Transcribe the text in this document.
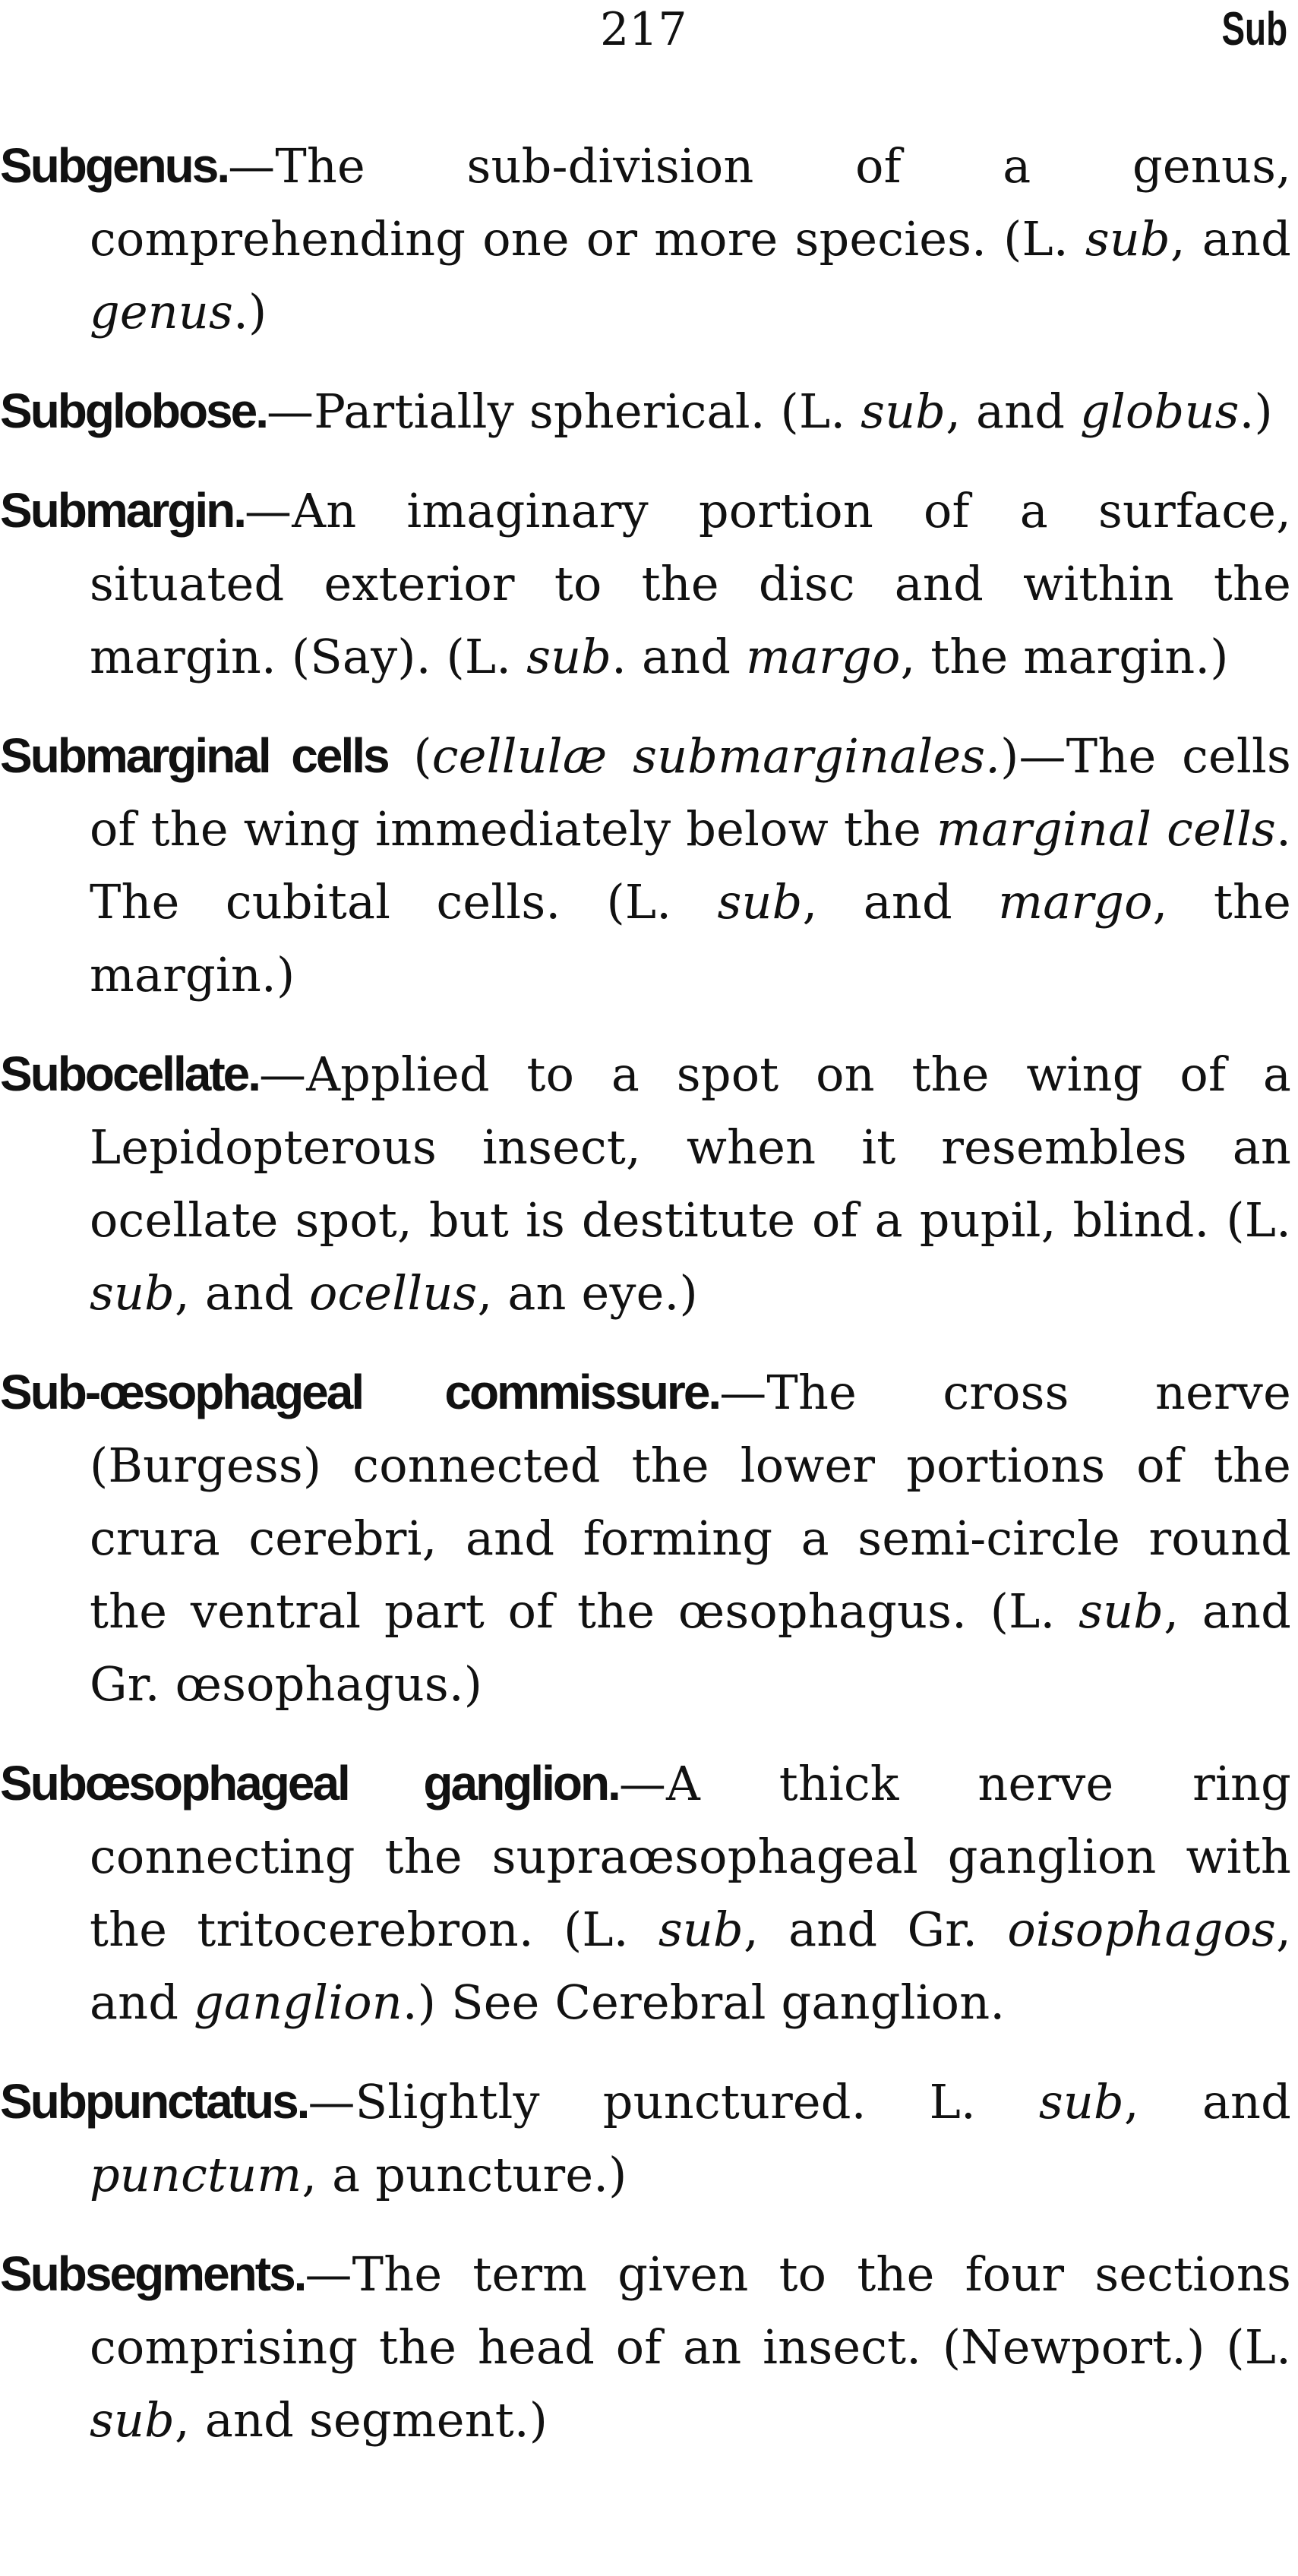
217	Sub

Subgenus.—The sub-division of a genus, comprehending one or more species. (L. sub, and genus.)

Subglobose.—Partially spherical. (L. sub, and globus.)

Submargin.—An imaginary portion of a surface, situated exterior to the disc and within the margin. (Say). (L. sub. and margo, the margin.)

Submarginal cells (cellulæ submarginales.)—The cells of the wing immediately below the marginal cells. The cubital cells. (L. sub, and margo, the margin.)

Subocellate.—Applied to a spot on the wing of a Lepidopterous insect, when it resembles an ocellate spot, but is destitute of a pupil, blind. (L. sub, and ocellus, an eye.)

Sub-œsophageal commissure.—The cross nerve (Burgess) connected the lower portions of the crura cerebri, and forming a semi-circle round the ventral part of the œsophagus. (L. sub, and Gr. œsophagus.)

Subœsophageal ganglion.—A thick nerve ring connecting the supraœsophageal ganglion with the tritocerebron. (L. sub, and Gr. oisophagos, and ganglion.) See Cerebral ganglion.

Subpunctatus.—Slightly punctured. L. sub, and punctum, a puncture.)

Subsegments.—The term given to the four sections comprising the head of an insect. (Newport.) (L. sub, and segment.)
